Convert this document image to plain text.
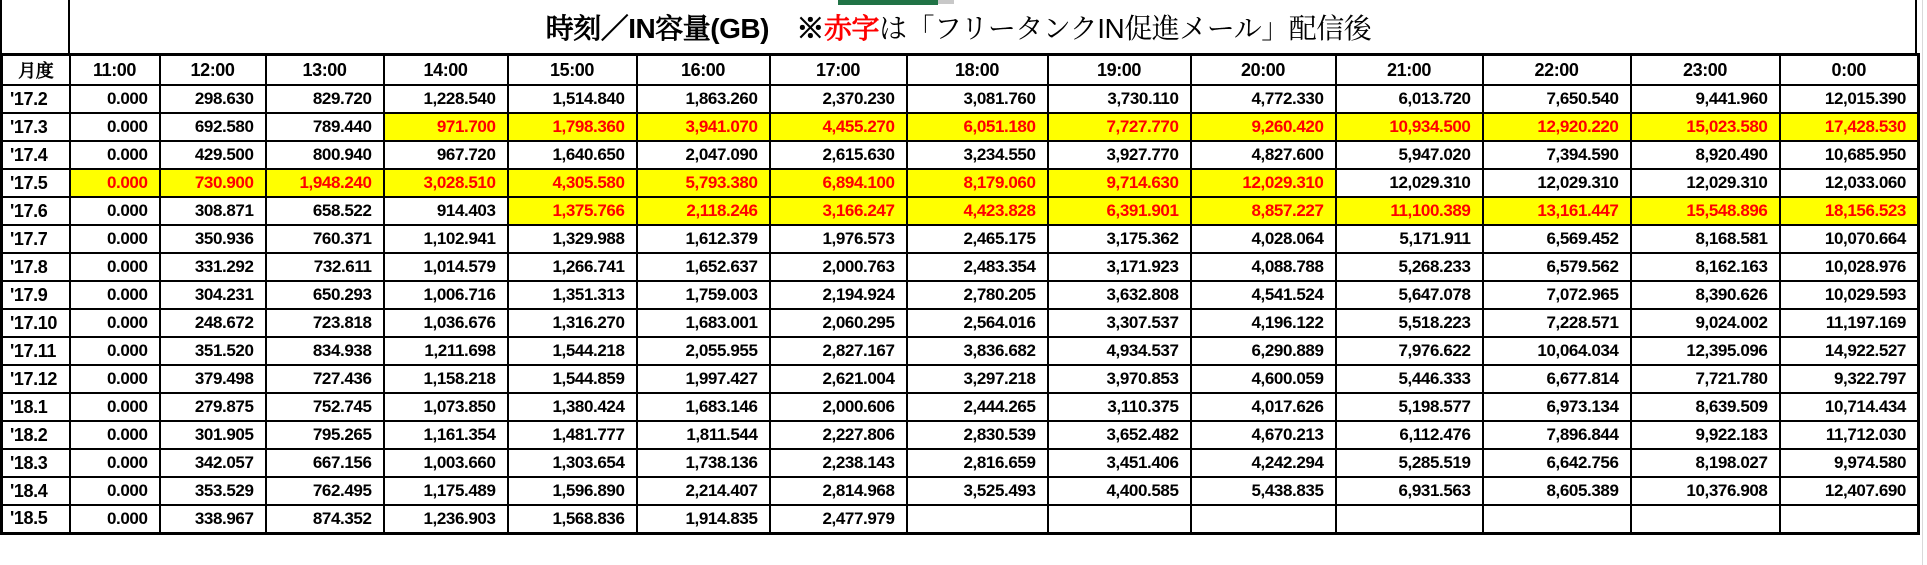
時刻／IN容量(GB) 　※ 赤字 は「フリータンクIN促進メール」配信後
月度	11:00	12:00	13:00	14:00	15:00	16:00	17:00	18:00	19:00	20:00	21:00	22:00	23:00	0:00
'17.2	0.000	298.630	829.720	1,228.540	1,514.840	1,863.260	2,370.230	3,081.760	3,730.110	4,772.330	6,013.720	7,650.540	9,441.960	12,015.390
'17.3	0.000	692.580	789.440	971.700	1,798.360	3,941.070	4,455.270	6,051.180	7,727.770	9,260.420	10,934.500	12,920.220	15,023.580	17,428.530
'17.4	0.000	429.500	800.940	967.720	1,640.650	2,047.090	2,615.630	3,234.550	3,927.770	4,827.600	5,947.020	7,394.590	8,920.490	10,685.950
'17.5	0.000	730.900	1,948.240	3,028.510	4,305.580	5,793.380	6,894.100	8,179.060	9,714.630	12,029.310	12,029.310	12,029.310	12,029.310	12,033.060
'17.6	0.000	308.871	658.522	914.403	1,375.766	2,118.246	3,166.247	4,423.828	6,391.901	8,857.227	11,100.389	13,161.447	15,548.896	18,156.523
'17.7	0.000	350.936	760.371	1,102.941	1,329.988	1,612.379	1,976.573	2,465.175	3,175.362	4,028.064	5,171.911	6,569.452	8,168.581	10,070.664
'17.8	0.000	331.292	732.611	1,014.579	1,266.741	1,652.637	2,000.763	2,483.354	3,171.923	4,088.788	5,268.233	6,579.562	8,162.163	10,028.976
'17.9	0.000	304.231	650.293	1,006.716	1,351.313	1,759.003	2,194.924	2,780.205	3,632.808	4,541.524	5,647.078	7,072.965	8,390.626	10,029.593
'17.10	0.000	248.672	723.818	1,036.676	1,316.270	1,683.001	2,060.295	2,564.016	3,307.537	4,196.122	5,518.223	7,228.571	9,024.002	11,197.169
'17.11	0.000	351.520	834.938	1,211.698	1,544.218	2,055.955	2,827.167	3,836.682	4,934.537	6,290.889	7,976.622	10,064.034	12,395.096	14,922.527
'17.12	0.000	379.498	727.436	1,158.218	1,544.859	1,997.427	2,621.004	3,297.218	3,970.853	4,600.059	5,446.333	6,677.814	7,721.780	9,322.797
'18.1	0.000	279.875	752.745	1,073.850	1,380.424	1,683.146	2,000.606	2,444.265	3,110.375	4,017.626	5,198.577	6,973.134	8,639.509	10,714.434
'18.2	0.000	301.905	795.265	1,161.354	1,481.777	1,811.544	2,227.806	2,830.539	3,652.482	4,670.213	6,112.476	7,896.844	9,922.183	11,712.030
'18.3	0.000	342.057	667.156	1,003.660	1,303.654	1,738.136	2,238.143	2,816.659	3,451.406	4,242.294	5,285.519	6,642.756	8,198.027	9,974.580
'18.4	0.000	353.529	762.495	1,175.489	1,596.890	2,214.407	2,814.968	3,525.493	4,400.585	5,438.835	6,931.563	8,605.389	10,376.908	12,407.690
'18.5	0.000	338.967	874.352	1,236.903	1,568.836	1,914.835	2,477.979							
